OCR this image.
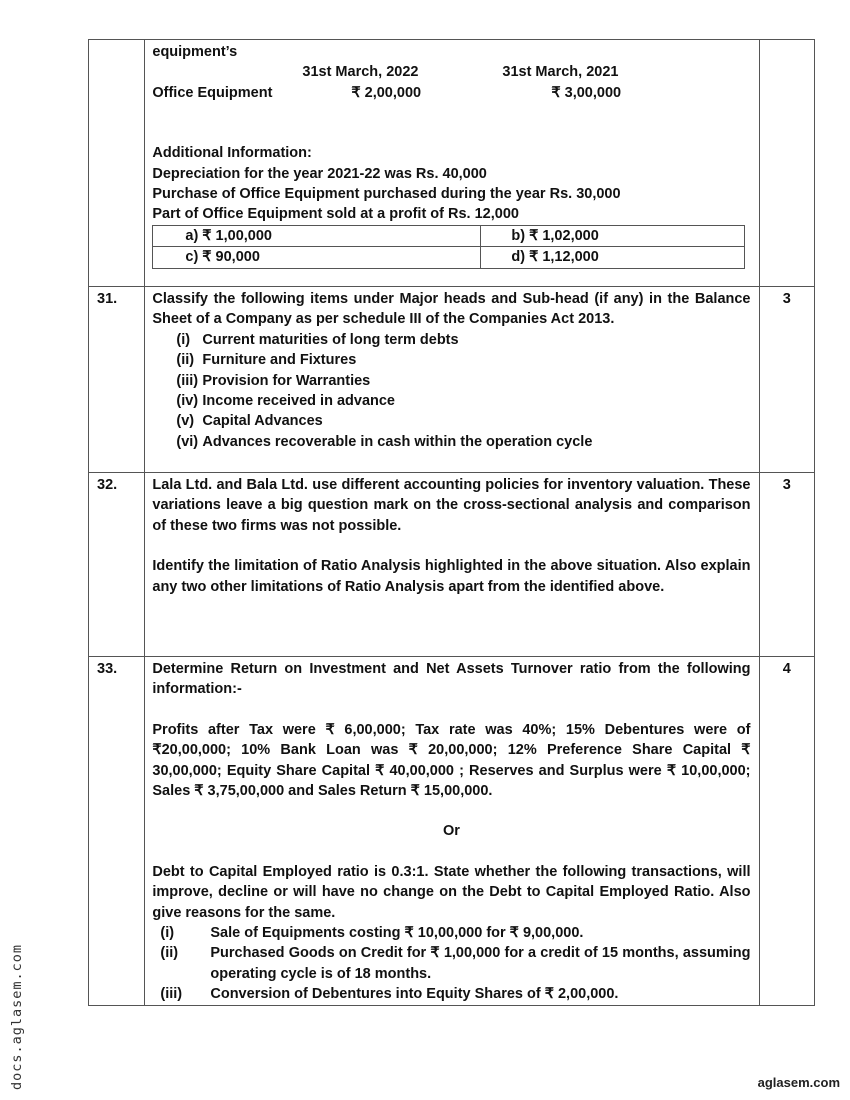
equipment’s
31st March, 2022	31st March, 2021
Office Equipment	₹ 2,00,000	₹ 3,00,000
Additional Information:
Depreciation for the year 2021-22 was Rs. 40,000
Purchase of Office Equipment purchased during the year Rs. 30,000
Part of Office Equipment sold at a profit of Rs. 12,000
a) ₹ 1,00,000	b) ₹ 1,02,000
c) ₹ 90,000	d) ₹ 1,12,000

31.	Classify the following items under Major heads and Sub-head (if any) in the Balance Sheet of a Company as per schedule III of the Companies Act 2013.
(i) Current maturities of long term debts
(ii) Furniture and Fixtures
(iii) Provision for Warranties
(iv) Income received in advance
(v) Capital Advances
(vi) Advances recoverable in cash within the operation cycle
	3
32.	Lala Ltd. and Bala Ltd. use different accounting policies for inventory valuation. These variations leave a big question mark on the cross-sectional analysis and comparison of these two firms was not possible.
Identify the limitation of Ratio Analysis highlighted in the above situation. Also explain any two other limitations of Ratio Analysis apart from the identified above.
	3
33.	Determine Return on Investment and Net Assets Turnover ratio from the following information:-
Profits after Tax were ₹ 6,00,000; Tax rate was 40%; 15% Debentures were of ₹20,00,000; 10% Bank Loan was ₹ 20,00,000; 12% Preference Share Capital ₹ 30,00,000; Equity Share Capital ₹ 40,00,000 ; Reserves and Surplus were ₹ 10,00,000; Sales ₹ 3,75,00,000 and Sales Return ₹ 15,00,000.
Or
Debt to Capital Employed ratio is 0.3:1. State whether the following transactions, will improve, decline or will have no change on the Debt to Capital Employed Ratio. Also give reasons for the same.
(i)	Sale of Equipments costing ₹ 10,00,000 for ₹ 9,00,000.
(ii)	Purchased Goods on Credit for ₹ 1,00,000 for a credit of 15 months, assuming operating cycle is of 18 months.
(iii)	Conversion of Debentures into Equity Shares of ₹ 2,00,000.
	4
docs.aglasem.com	aglasem.com
